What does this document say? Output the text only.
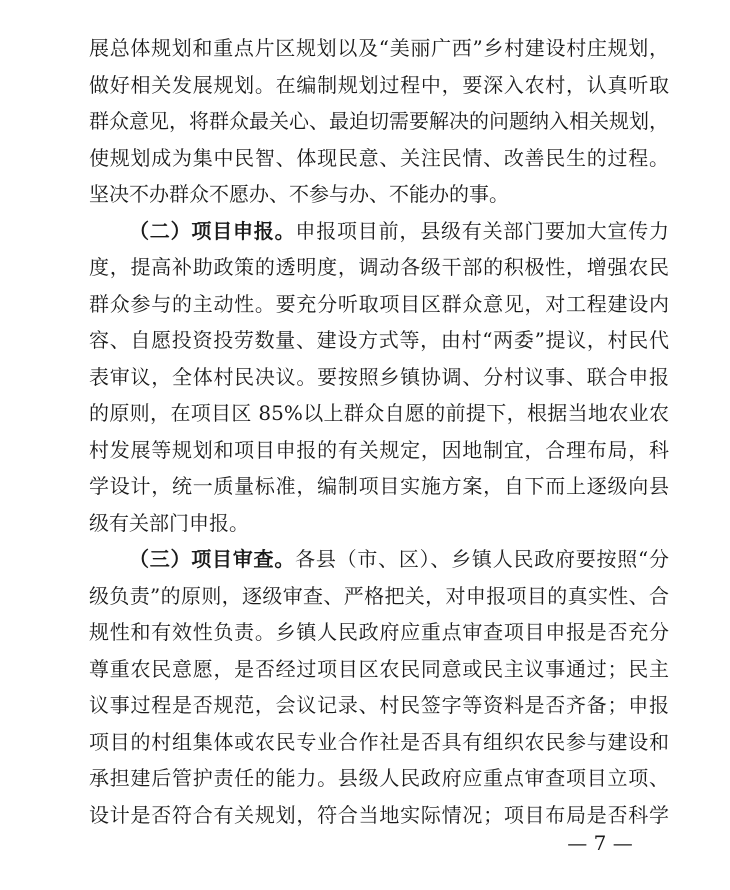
展总体规划和重点片区规划以及“美丽广西”乡村建设村庄规划，
做好相关发展规划。在编制规划过程中，要深入农村，认真听取
群众意见，将群众最关心、最迫切需要解决的问题纳入相关规划，
使规划成为集中民智、体现民意、关注民情、改善民生的过程。
坚决不办群众不愿办、不参与办、不能办的事。
（二）项目申报。申报项目前，县级有关部门要加大宣传力
度，提高补助政策的透明度，调动各级干部的积极性，增强农民
群众参与的主动性。要充分听取项目区群众意见，对工程建设内
容、自愿投资投劳数量、建设方式等，由村“两委”提议，村民代
表审议，全体村民决议。要按照乡镇协调、分村议事、联合申报
的原则，在项目区 85%以上群众自愿的前提下，根据当地农业农
村发展等规划和项目申报的有关规定，因地制宜，合理布局，科
学设计，统一质量标准，编制项目实施方案，自下而上逐级向县
级有关部门申报。
（三）项目审查。各县（市、区）、乡镇人民政府要按照“分
级负责”的原则，逐级审查、严格把关，对申报项目的真实性、合
规性和有效性负责。乡镇人民政府应重点审查项目申报是否充分
尊重农民意愿，是否经过项目区农民同意或民主议事通过；民主
议事过程是否规范，会议记录、村民签字等资料是否齐备；申报
项目的村组集体或农民专业合作社是否具有组织农民参与建设和
承担建后管护责任的能力。县级人民政府应重点审查项目立项、
设计是否符合有关规划，符合当地实际情况；项目布局是否科学
— 7 —
